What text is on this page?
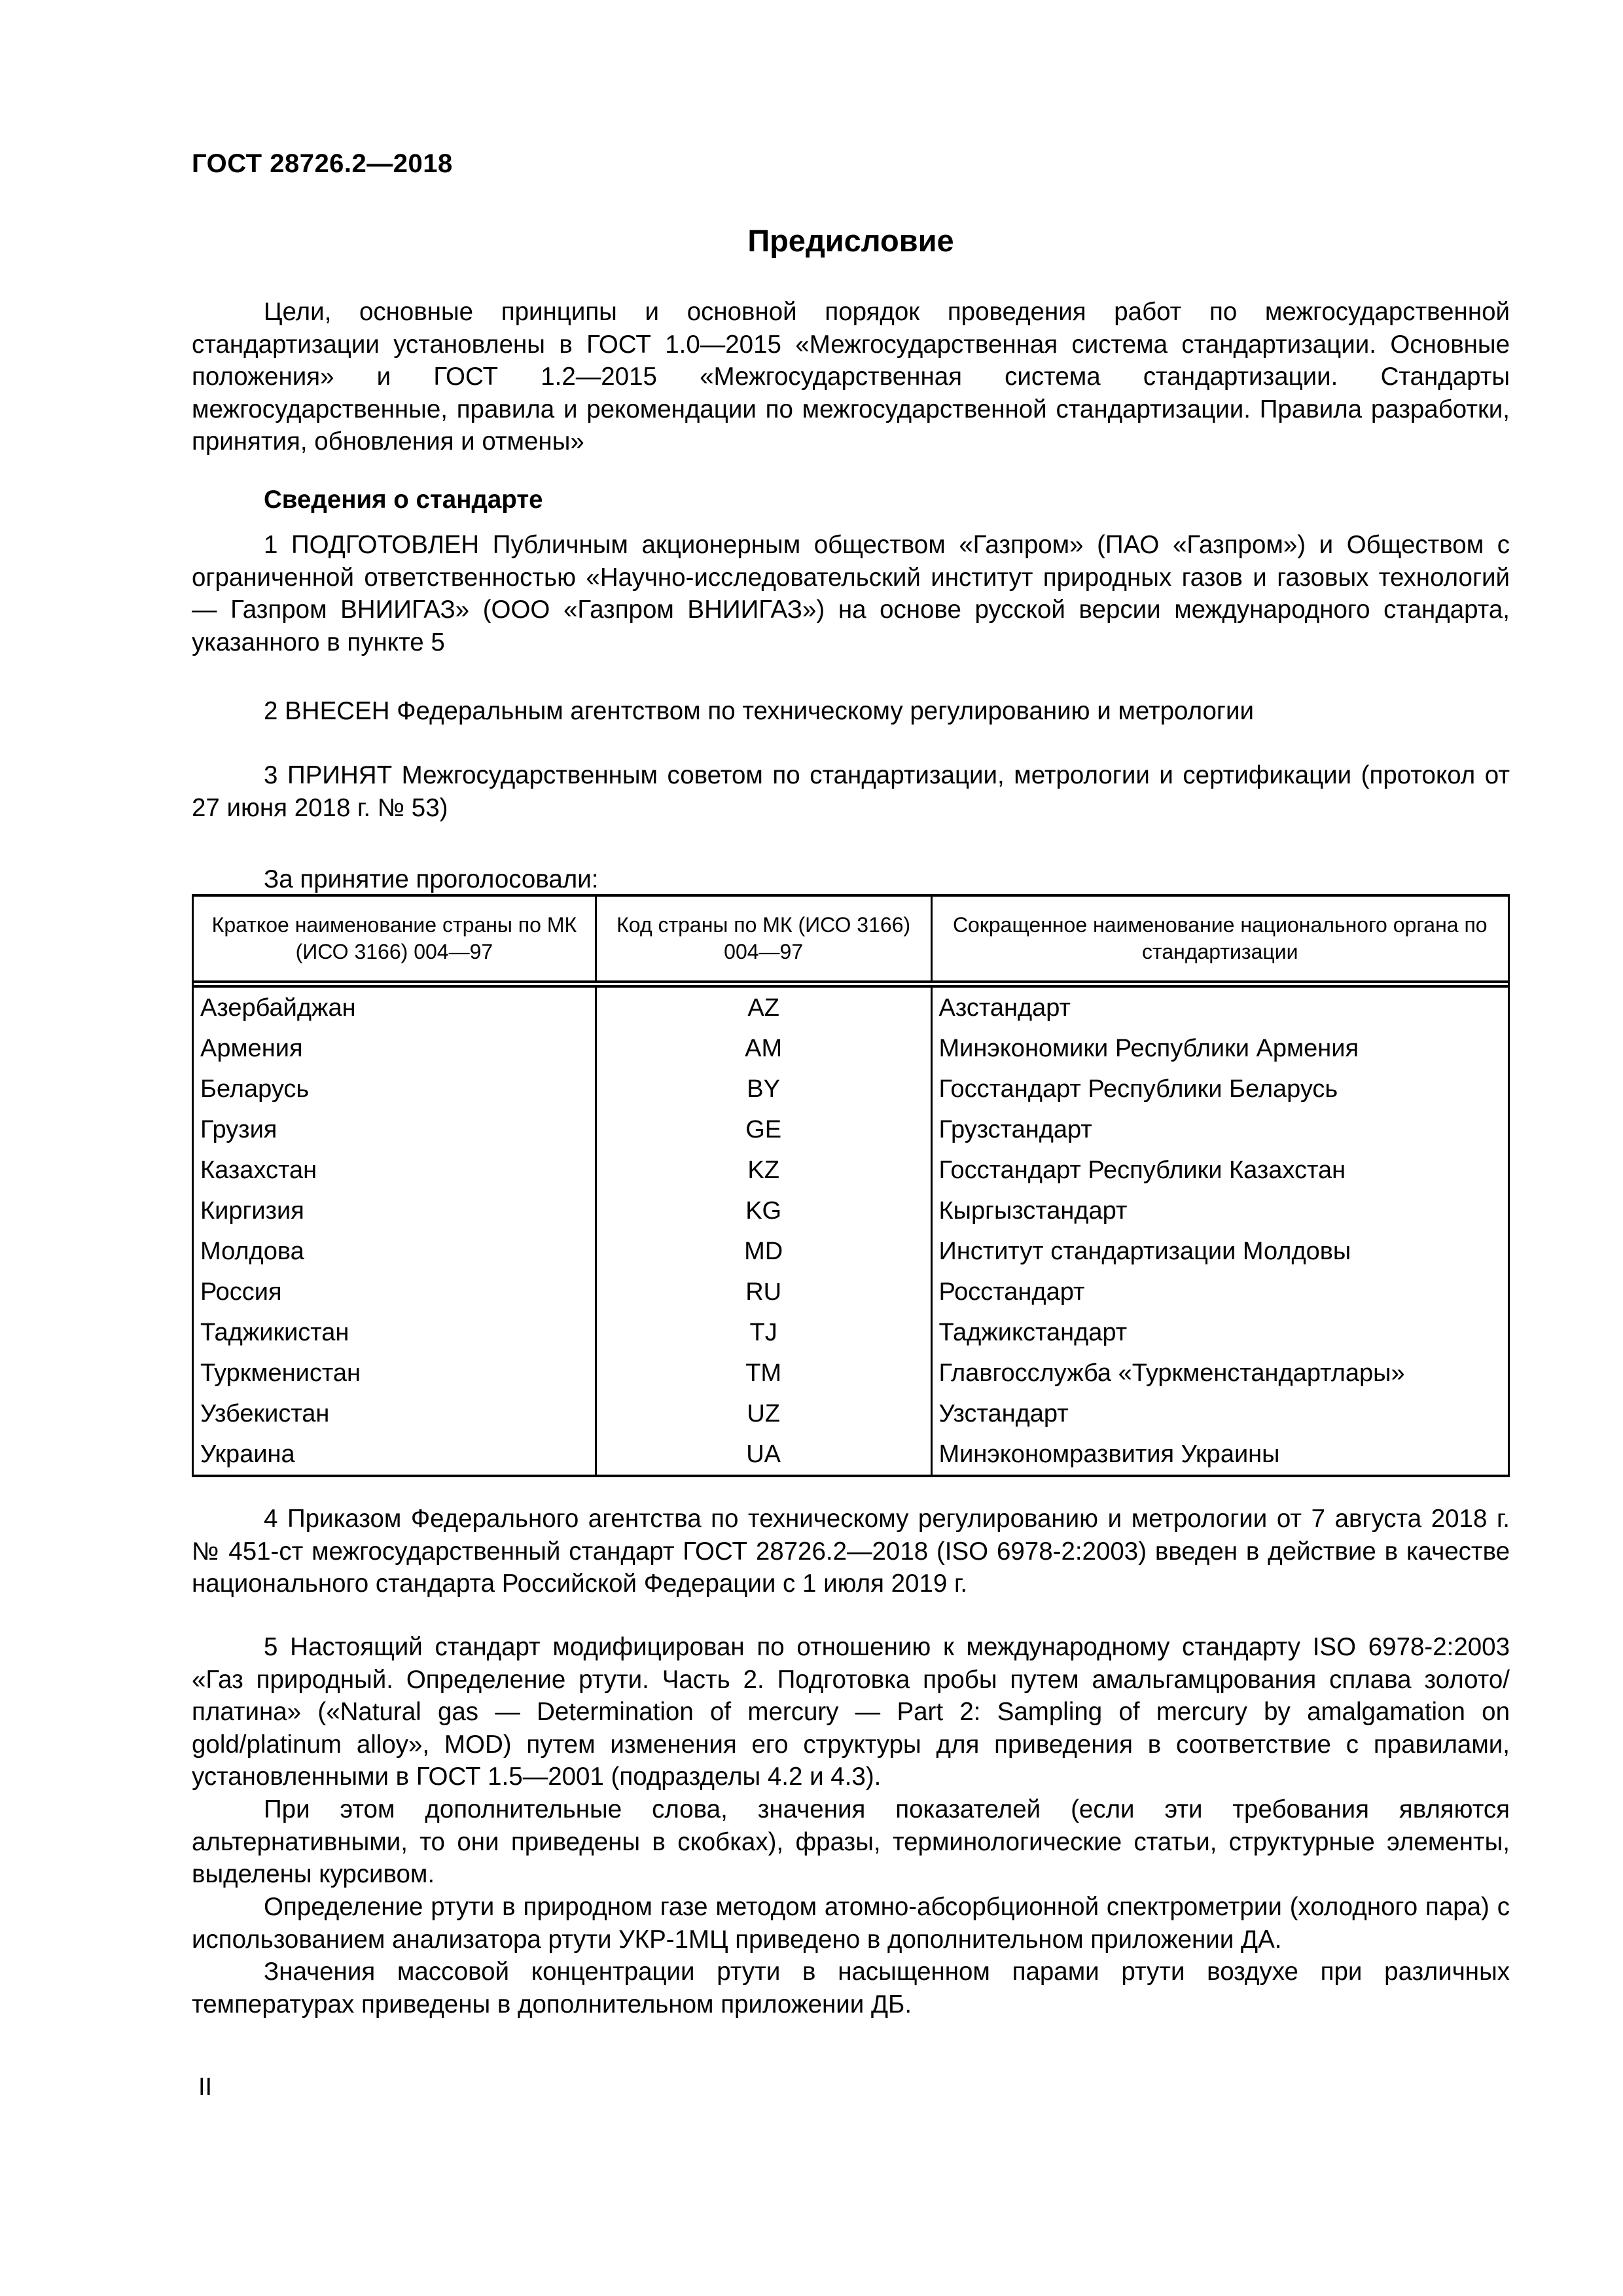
ГОСТ 28726.2—2018
Предисловие

Цели, основные принципы и основной порядок проведения работ по межгосударственной стандартизации установлены в ГОСТ 1.0—2015 «Межгосударственная система стандартизации. Основные положения» и ГОСТ 1.2—2015 «Межгосударственная система стандартизации. Стандарты межгосударственные, правила и рекомендации по межгосударственной стандартизации. Правила разработки, принятия, обновления и отмены»

Сведения о стандарте

1 ПОДГОТОВЛЕН Публичным акционерным обществом «Газпром» (ПАО «Газпром») и Обществом с ограниченной ответственностью «Научно-исследовательский институт природных газов и газовых технологий — Газпром ВНИИГАЗ» (ООО «Газпром ВНИИГАЗ») на основе русской версии международного стандарта, указанного в пункте 5

2 ВНЕСЕН Федеральным агентством по техническому регулированию и метрологии

3 ПРИНЯТ Межгосударственным советом по стандартизации, метрологии и сертификации (протокол от 27 июня 2018 г. № 53)

За принятие проголосовали:
Краткое наименование страны по МК (ИСО 3166) 004—97	Код страны по МК (ИСО 3166) 004—97	Сокращенное наименование национального органа по стандартизации

Азербайджан	AZ	Азстандарт
Армения	AM	Минэкономики Республики Армения
Беларусь	BY	Госстандарт Республики Беларусь
Грузия	GE	Грузстандарт
Казахстан	KZ	Госстандарт Республики Казахстан
Киргизия	KG	Кыргызстандарт
Молдова	MD	Институт стандартизации Молдовы
Россия	RU	Росстандарт
Таджикистан	TJ	Таджикстандарт
Туркменистан	TM	Главгосслужба «Туркменстандартлары»
Узбекистан	UZ	Узстандарт
Украина	UA	Минэкономразвития Украины

4 Приказом Федерального агентства по техническому регулированию и метрологии от 7 августа 2018 г. № 451-ст межгосударственный стандарт ГОСТ 28726.2—2018 (ISO 6978-2:2003) введен в действие в качестве национального стандарта Российской Федерации с 1 июля 2019 г.

5 Настоящий стандарт модифицирован по отношению к международному стандарту ISO 6978-2:2003 «Газ природный. Определение ртути. Часть 2. Подготовка пробы путем амальгамцрования сплава золото/платина» («Natural gas — Determination of mercury — Part 2: Sampling of mercury by amalgamation on gold/platinum alloy», MOD) путем изменения его структуры для приведения в соответствие с правилами, установленными в ГОСТ 1.5—2001 (подразделы 4.2 и 4.3).

При этом дополнительные слова, значения показателей (если эти требования являются альтернативными, то они приведены в скобках), фразы, терминологические статьи, структурные элементы, выделены курсивом.

Определение ртути в природном газе методом атомно-абсорбционной спектрометрии (холодного пара) с использованием анализатора ртути УКР-1МЦ приведено в дополнительном приложении ДА.

Значения массовой концентрации ртути в насыщенном парами ртути воздухе при различных температурах приведены в дополнительном приложении ДБ.

II
